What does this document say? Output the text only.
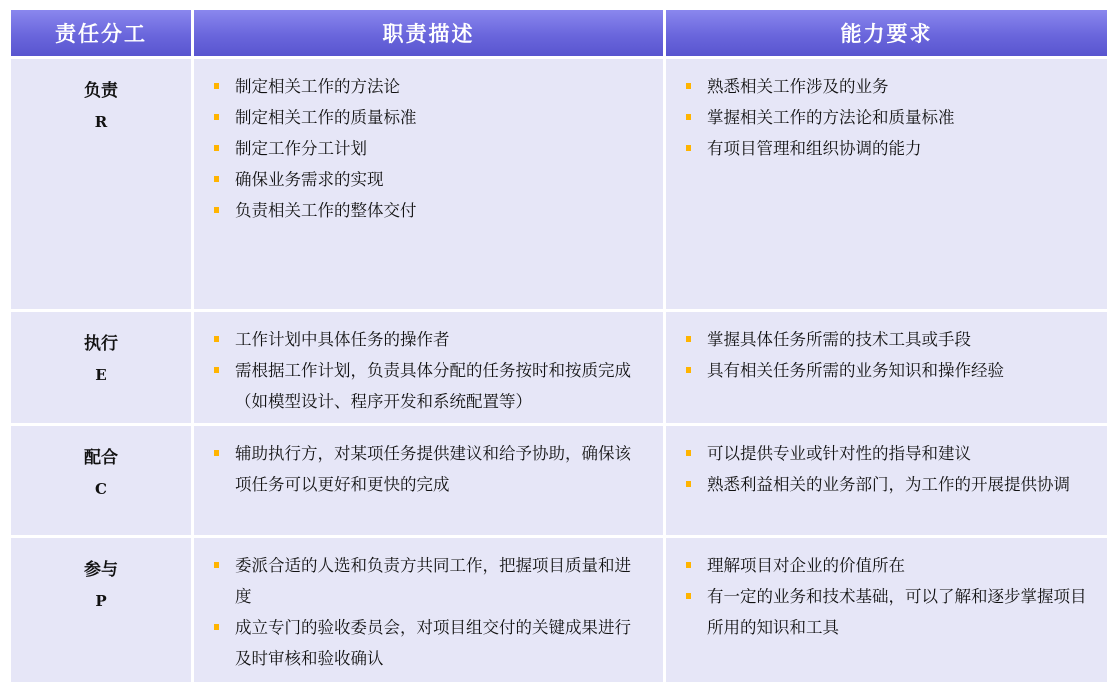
责任分工	职责描述	能力要求
负责
R
制定相关工作的方法论
制定相关工作的质量标准
制定工作分工计划
确保业务需求的实现
负责相关工作的整体交付
熟悉相关工作涉及的业务
掌握相关工作的方法论和质量标准
有项目管理和组织协调的能力
执行
E
工作计划中具体任务的操作者
需根据工作计划，负责具体分配的任务按时和按质完成（如模型设计、程序开发和系统配置等）
掌握具体任务所需的技术工具或手段
具有相关任务所需的业务知识和操作经验
配合
C
辅助执行方，对某项任务提供建议和给予协助，确保该项任务可以更好和更快的完成
可以提供专业或针对性的指导和建议
熟悉利益相关的业务部门，为工作的开展提供协调
参与
P
委派合适的人选和负责方共同工作，把握项目质量和进度
成立专门的验收委员会，对项目组交付的关键成果进行及时审核和验收确认
理解项目对企业的价值所在
有一定的业务和技术基础，可以了解和逐步掌握项目所用的知识和工具
